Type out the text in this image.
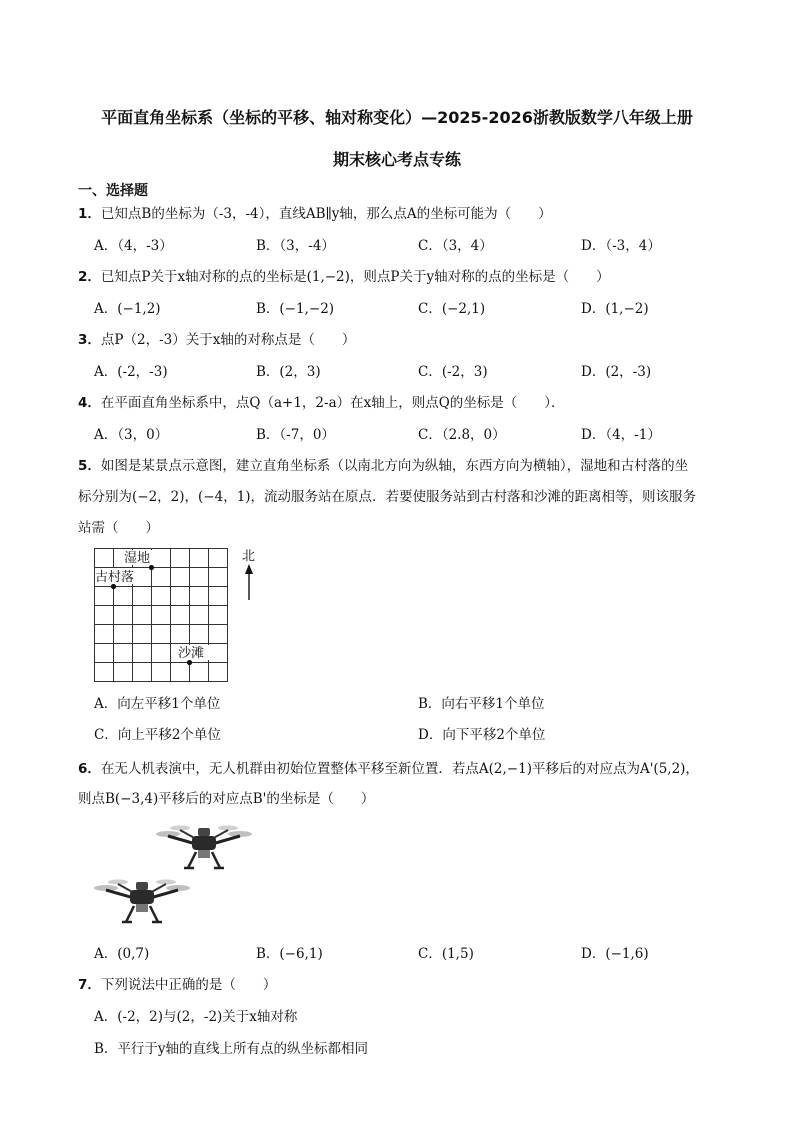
平面直角坐标系（坐标的平移、轴对称变化）—2025-2026浙教版数学八年级上册
期末核心考点专练
一、选择题
1．已知点B的坐标为（-3，-4），直线AB∥y轴，那么点A的坐标可能为（　　）
A．（4，-3）	B．（3，-4）	C．（3，4）	D．（-3，4）
2．已知点P关于x轴对称的点的坐标是(1,−2)，则点P关于y轴对称的点的坐标是（　　）
A．(−1,2)	B．(−1,−2)	C．(−2,1)	D．(1,−2)
3．点P（2，-3）关于x轴的对称点是（　　）
A．(-2，-3)	B．(2，3)	C．(-2，3)	D．(2，-3)
4．在平面直角坐标系中，点Q（a+1，2-a）在x轴上，则点Q的坐标是（　　）．
A．（3，0）	B．（-7，0）	C．（2.8，0）	D．（4，-1）
5．如图是某景点示意图，建立直角坐标系（以南北方向为纵轴，东西方向为横轴），湿地和古村落的坐
标分别为(−2，2)，(−4，1)，流动服务站在原点．若要使服务站到古村落和沙滩的距离相等，则该服务
站需（　　）
湿地
古村落
沙滩
北
A．向左平移1个单位	B．向右平移1个单位
C．向上平移2个单位	D．向下平移2个单位
6．在无人机表演中，无人机群由初始位置整体平移至新位置．若点A(2,−1)平移后的对应点为A'(5,2)，
则点B(−3,4)平移后的对应点B'的坐标是（　　）
A．(0,7)	B．(−6,1)	C．(1,5)	D．(−1,6)
7．下列说法中正确的是（　　）
A．(-2，2)与(2，-2)关于x轴对称
B．平行于y轴的直线上所有点的纵坐标都相同
